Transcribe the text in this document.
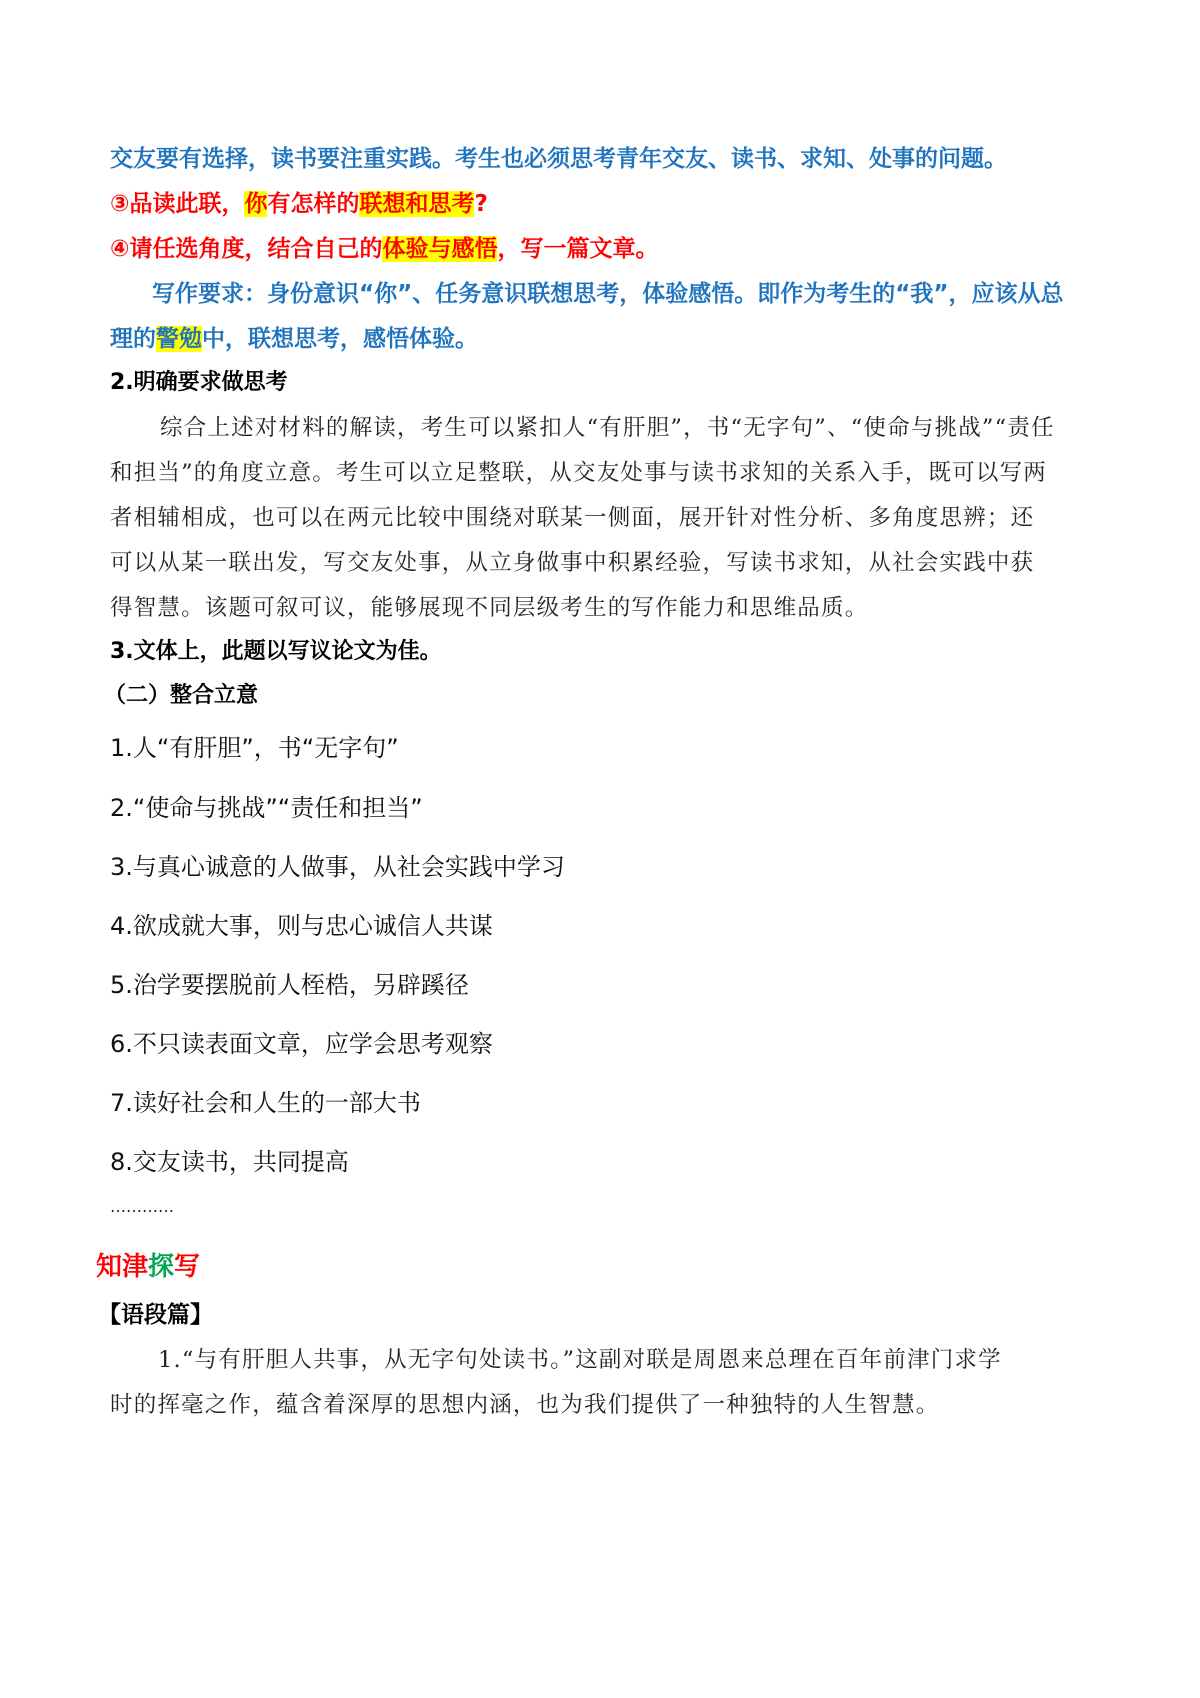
交友要有选择，读书要注重实践。考生也必须思考青年交友、读书、求知、处事的问题。
③品读此联，你有怎样的联想和思考?
④请任选角度，结合自己的体验与感悟，写一篇文章。
写作要求：身份意识“你”、任务意识联想思考，体验感悟。即作为考生的“我”，应该从总
理的警勉中，联想思考，感悟体验。
2.明确要求做思考
综合上述对材料的解读，考生可以紧扣人“有肝胆”，书“无字句”、“使命与挑战”“责任
和担当”的角度立意。考生可以立足整联，从交友处事与读书求知的关系入手，既可以写两
者相辅相成，也可以在两元比较中围绕对联某一侧面，展开针对性分析、多角度思辨；还
可以从某一联出发，写交友处事，从立身做事中积累经验，写读书求知，从社会实践中获
得智慧。该题可叙可议，能够展现不同层级考生的写作能力和思维品质。
3.文体上，此题以写议论文为佳。
（二）整合立意
1.人“有肝胆”，书“无字句”
2.“使命与挑战”“责任和担当”
3.与真心诚意的人做事，从社会实践中学习
4.欲成就大事，则与忠心诚信人共谋
5.治学要摆脱前人桎梏，另辟蹊径
6.不只读表面文章，应学会思考观察
7.读好社会和人生的一部大书
8.交友读书，共同提高
…………
知津探写
【语段篇】
1.“与有肝胆人共事，从无字句处读书。”这副对联是周恩来总理在百年前津门求学
时的挥毫之作，蕴含着深厚的思想内涵，也为我们提供了一种独特的人生智慧。
